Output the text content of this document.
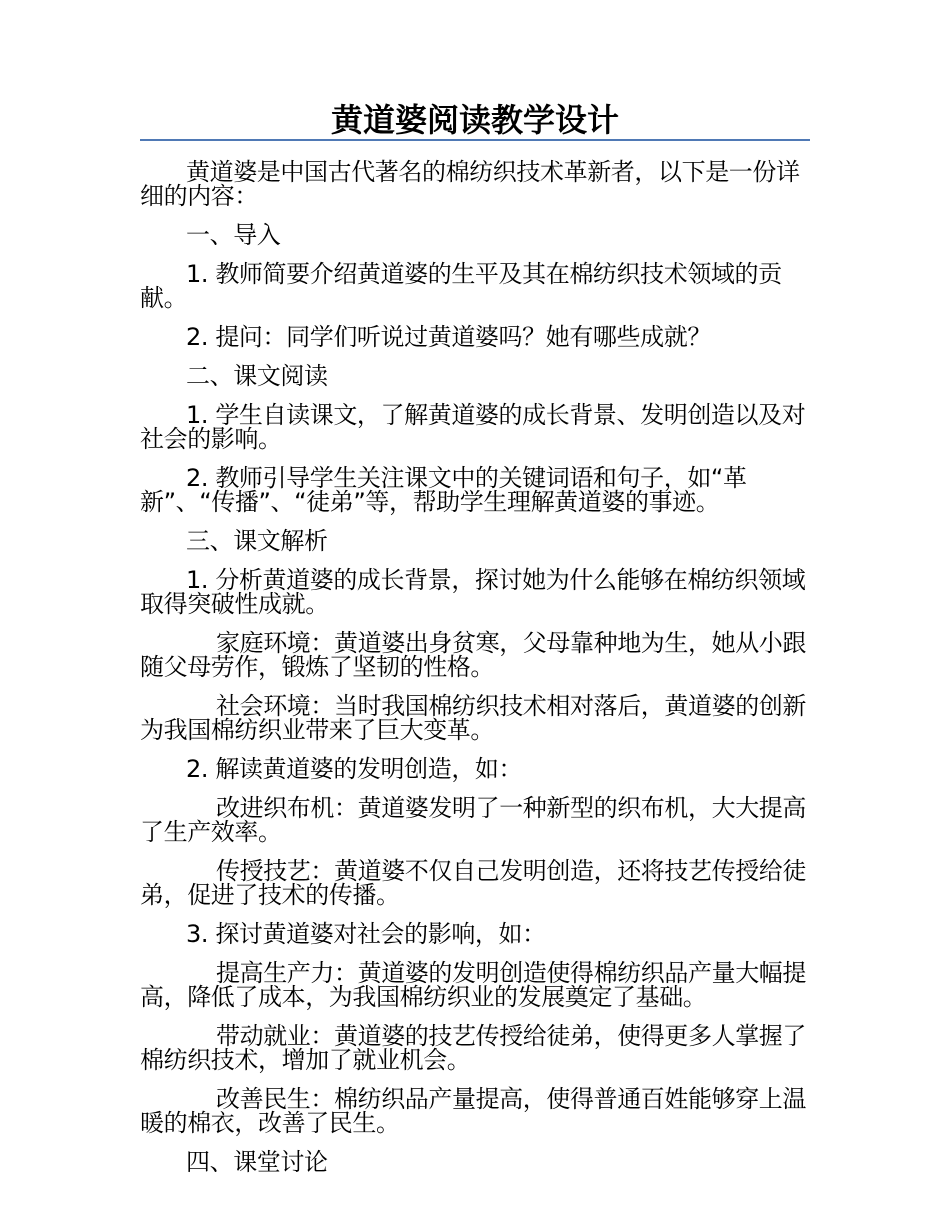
黄道婆阅读教学设计

黄道婆是中国古代著名的棉纺织技术革新者，以下是一份详细的内容：

一、导入

1. 教师简要介绍黄道婆的生平及其在棉纺织技术领域的贡献。

2. 提问：同学们听说过黄道婆吗？她有哪些成就？

二、课文阅读

1. 学生自读课文，了解黄道婆的成长背景、发明创造以及对社会的影响。

2. 教师引导学生关注课文中的关键词语和句子，如“革新”、“传播”、“徒弟”等，帮助学生理解黄道婆的事迹。

三、课文解析

1. 分析黄道婆的成长背景，探讨她为什么能够在棉纺织领域取得突破性成就。

家庭环境：黄道婆出身贫寒，父母靠种地为生，她从小跟随父母劳作，锻炼了坚韧的性格。

社会环境：当时我国棉纺织技术相对落后，黄道婆的创新为我国棉纺织业带来了巨大变革。

2. 解读黄道婆的发明创造，如：

改进织布机：黄道婆发明了一种新型的织布机，大大提高了生产效率。

传授技艺：黄道婆不仅自己发明创造，还将技艺传授给徒弟，促进了技术的传播。

3. 探讨黄道婆对社会的影响，如：

提高生产力：黄道婆的发明创造使得棉纺织品产量大幅提高，降低了成本，为我国棉纺织业的发展奠定了基础。

带动就业：黄道婆的技艺传授给徒弟，使得更多人掌握了棉纺织技术，增加了就业机会。

改善民生：棉纺织品产量提高，使得普通百姓能够穿上温暖的棉衣，改善了民生。

四、课堂讨论
